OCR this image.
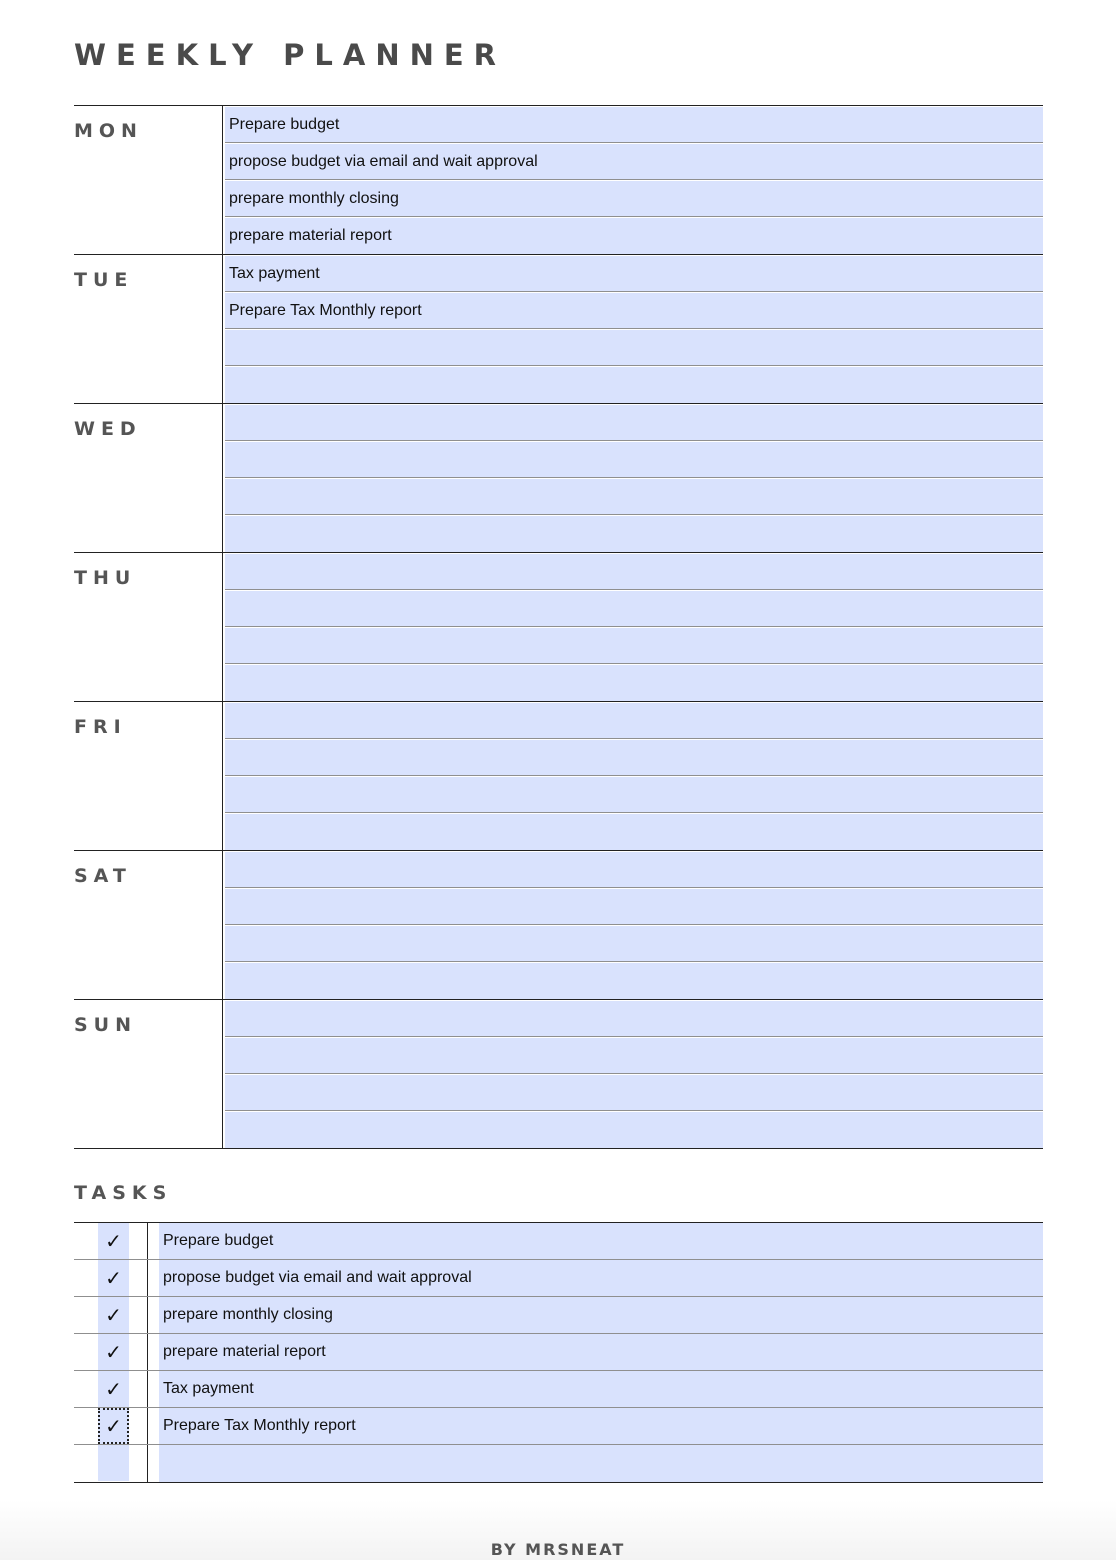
WEEKLY PLANNER
MON	Prepare budget
propose budget via email and wait approval
prepare monthly closing
prepare material report
TUE	Tax payment
Prepare Tax Monthly report
WED
THU
FRI
SAT
SUN
TASKS
✓	Prepare budget
✓	propose budget via email and wait approval
✓	prepare monthly closing
✓	prepare material report
✓	Tax payment
✓	Prepare Tax Monthly report
BY MRSNEAT
